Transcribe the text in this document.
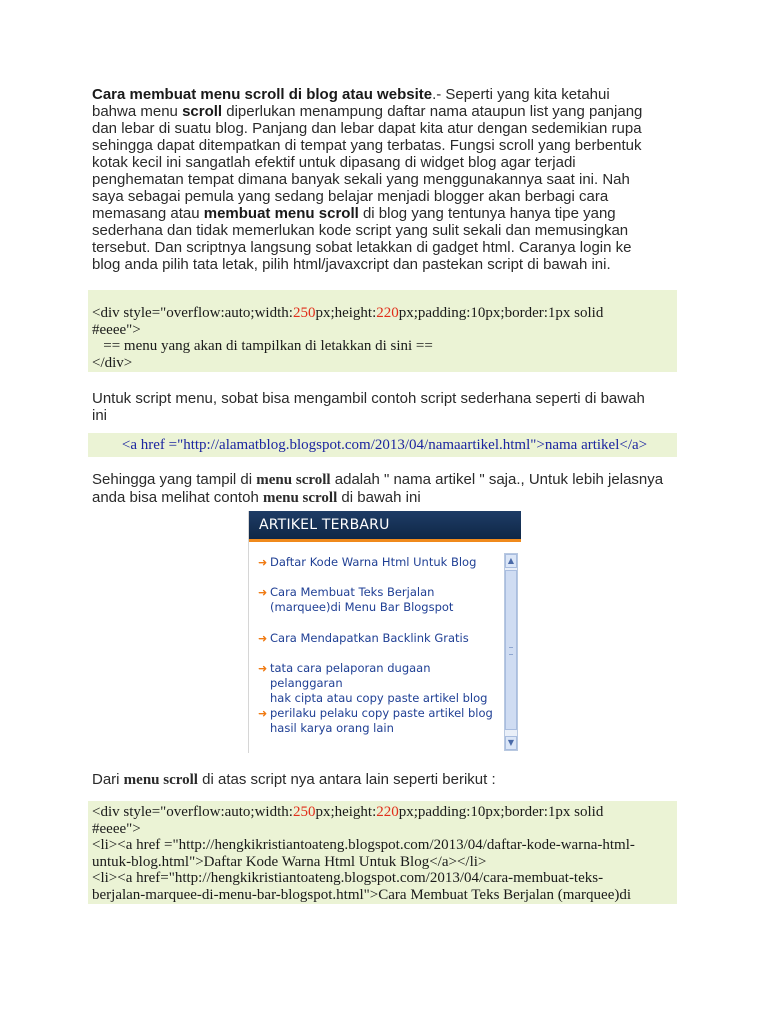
Cara membuat menu scroll di blog atau website.- Seperti yang kita ketahui
bahwa menu scroll diperlukan menampung daftar nama ataupun list yang panjang
dan lebar di suatu blog. Panjang dan lebar dapat kita atur dengan sedemikian rupa
sehingga dapat ditempatkan di tempat yang terbatas. Fungsi scroll yang berbentuk
kotak kecil ini sangatlah efektif untuk dipasang di widget blog agar terjadi
penghematan tempat dimana banyak sekali yang menggunakannya saat ini. Nah
saya sebagai pemula yang sedang belajar menjadi blogger akan berbagi cara
memasang atau membuat menu scroll di blog yang tentunya hanya tipe yang
sederhana dan tidak memerlukan kode script yang sulit sekali dan memusingkan
tersebut. Dan scriptnya langsung sobat letakkan di gadget html. Caranya login ke
blog anda pilih tata letak, pilih html/javaxcript dan pastekan script di bawah ini.
<div style="overflow:auto;width:250px;height:220px;padding:10px;border:1px solid
#eeee">
== menu yang akan di tampilkan di letakkan di sini ==
</div>
Untuk script menu, sobat bisa mengambil contoh script sederhana seperti di bawah
ini
<a href ="http://alamatblog.blogspot.com/2013/04/namaartikel.html">nama artikel</a>
Sehingga yang tampil di menu scroll adalah " nama artikel " saja., Untuk lebih jelasnya
anda bisa melihat contoh menu scroll di bawah ini
ARTIKEL TERBARU
➜ Daftar Kode Warna Html Untuk Blog
➜ Cara Membuat Teks Berjalan
(marquee)di Menu Bar Blogspot
➜ Cara Mendapatkan Backlink Gratis
➜ tata cara pelaporan dugaan pelanggaran
hak cipta atau copy paste artikel blog
➜ perilaku pelaku copy paste artikel blog
hasil karya orang lain
▲
▼
Dari menu scroll di atas script nya antara lain seperti berikut :
<div style="overflow:auto;width:250px;height:220px;padding:10px;border:1px solid
#eeee">
<li><a href ="http://hengkikristiantoateng.blogspot.com/2013/04/daftar-kode-warna-html-
untuk-blog.html">Daftar Kode Warna Html Untuk Blog</a></li>
<li><a href="http://hengkikristiantoateng.blogspot.com/2013/04/cara-membuat-teks-
berjalan-marquee-di-menu-bar-blogspot.html">Cara Membuat Teks Berjalan (marquee)di
